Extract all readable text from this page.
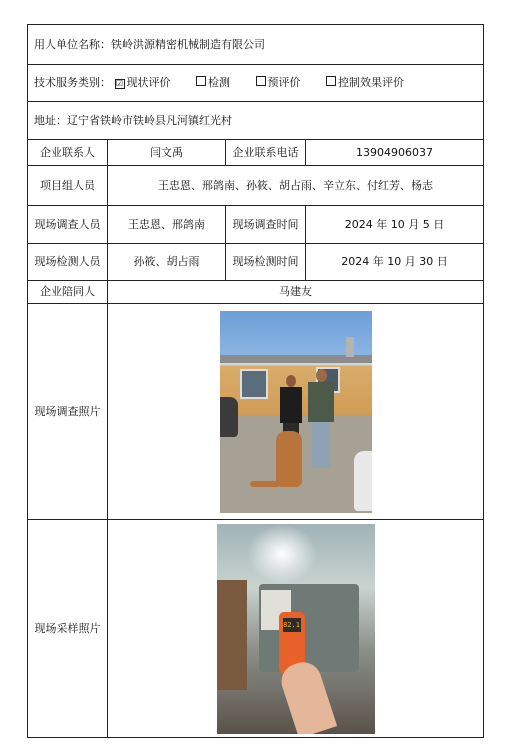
用人单位名称：铁岭洪源精密机械制造有限公司			
技术服务类别： ☑ 现状评价 检测 预评价 控制效果评价			
地址：辽宁省铁岭市铁岭县凡河镇红光村			
企业联系人	闫文禹	企业联系电话	13904906037
项目组人员	王忠恩、邢鸽南、孙筱、胡占雨、辛立东、付红芳、杨志		
现场调查人员	王忠恩、邢鸽南	现场调查时间	2024 年 10 月 5 日
现场检测人员	孙筱、胡占雨	现场检测时间	2024 年 10 月 30 日
企业陪同人	马建友		
现场调查照片			

现场采样照片	82.1		
